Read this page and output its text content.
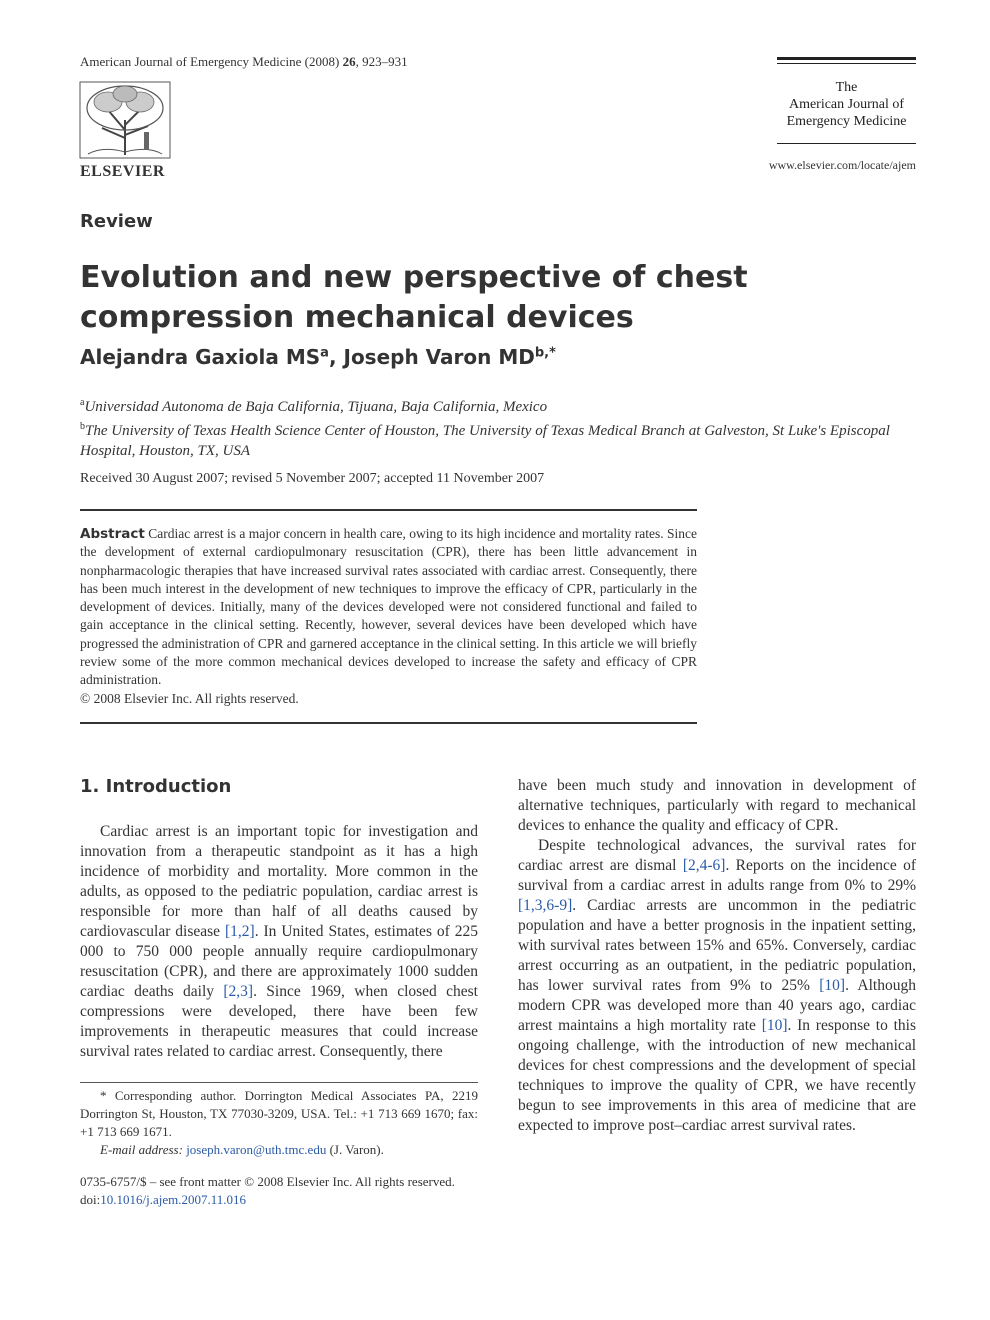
American Journal of Emergency Medicine (2008) 26, 923–931
ELSEVIER
The
American Journal of
Emergency Medicine
www.elsevier.com/locate/ajem
Review
Evolution and new perspective of chest compression mechanical devices
Alejandra Gaxiola $MS^a$, Joseph Varon $MD^{b,*}$
$^a$Universidad Autonoma de Baja California, Tijuana, Baja California, Mexico
$^b$The University of Texas Health Science Center of Houston, The University of Texas Medical Branch at Galveston, St Luke's Episcopal Hospital, Houston, TX, USA
Received 30 August 2007; revised 5 November 2007; accepted 11 November 2007
Abstract Cardiac arrest is a major concern in health care, owing to its high incidence and mortality rates. Since the development of external cardiopulmonary resuscitation (CPR), there has been little advancement in nonpharmacologic therapies that have increased survival rates associated with cardiac arrest. Consequently, there has been much interest in the development of new techniques to improve the efficacy of CPR, particularly in the development of devices. Initially, many of the devices developed were not considered functional and failed to gain acceptance in the clinical setting. Recently, however, several devices have been developed which have progressed the administration of CPR and garnered acceptance in the clinical setting. In this article we will briefly review some of the more common mechanical devices developed to increase the safety and efficacy of CPR administration.
© 2008 Elsevier Inc. All rights reserved.
1. Introduction
Cardiac arrest is an important topic for investigation and innovation from a therapeutic standpoint as it has a high incidence of morbidity and mortality. More common in the adults, as opposed to the pediatric population, cardiac arrest is responsible for more than half of all deaths caused by cardiovascular disease [1,2]. In United States, estimates of 225 000 to 750 000 people annually require cardiopulmonary resuscitation (CPR), and there are approximately 1000 sudden cardiac deaths daily [2,3]. Since 1969, when closed chest compressions were developed, there have been few improvements in therapeutic measures that could increase survival rates related to cardiac arrest. Consequently, there
* Corresponding author. Dorrington Medical Associates PA, 2219 Dorrington St, Houston, TX 77030-3209, USA. Tel.: +1 713 669 1670; fax: +1 713 669 1671.
E-mail address: joseph.varon@uth.tmc.edu (J. Varon).
0735-6757/$ – see front matter © 2008 Elsevier Inc. All rights reserved.
doi:10.1016/j.ajem.2007.11.016

have been much study and innovation in development of alternative techniques, particularly with regard to mechanical devices to enhance the quality and efficacy of CPR.

Despite technological advances, the survival rates for cardiac arrest are dismal [2,4-6]. Reports on the incidence of survival from a cardiac arrest in adults range from 0% to 29% [1,3,6-9]. Cardiac arrests are uncommon in the pediatric population and have a better prognosis in the inpatient setting, with survival rates between 15% and 65%. Conversely, cardiac arrest occurring as an outpatient, in the pediatric population, has lower survival rates from 9% to 25% [10]. Although modern CPR was developed more than 40 years ago, cardiac arrest maintains a high mortality rate [10]. In response to this ongoing challenge, with the introduction of new mechanical devices for chest compressions and the development of special techniques to improve the quality of CPR, we have recently begun to see improvements in this area of medicine that are expected to improve post–cardiac arrest survival rates.
